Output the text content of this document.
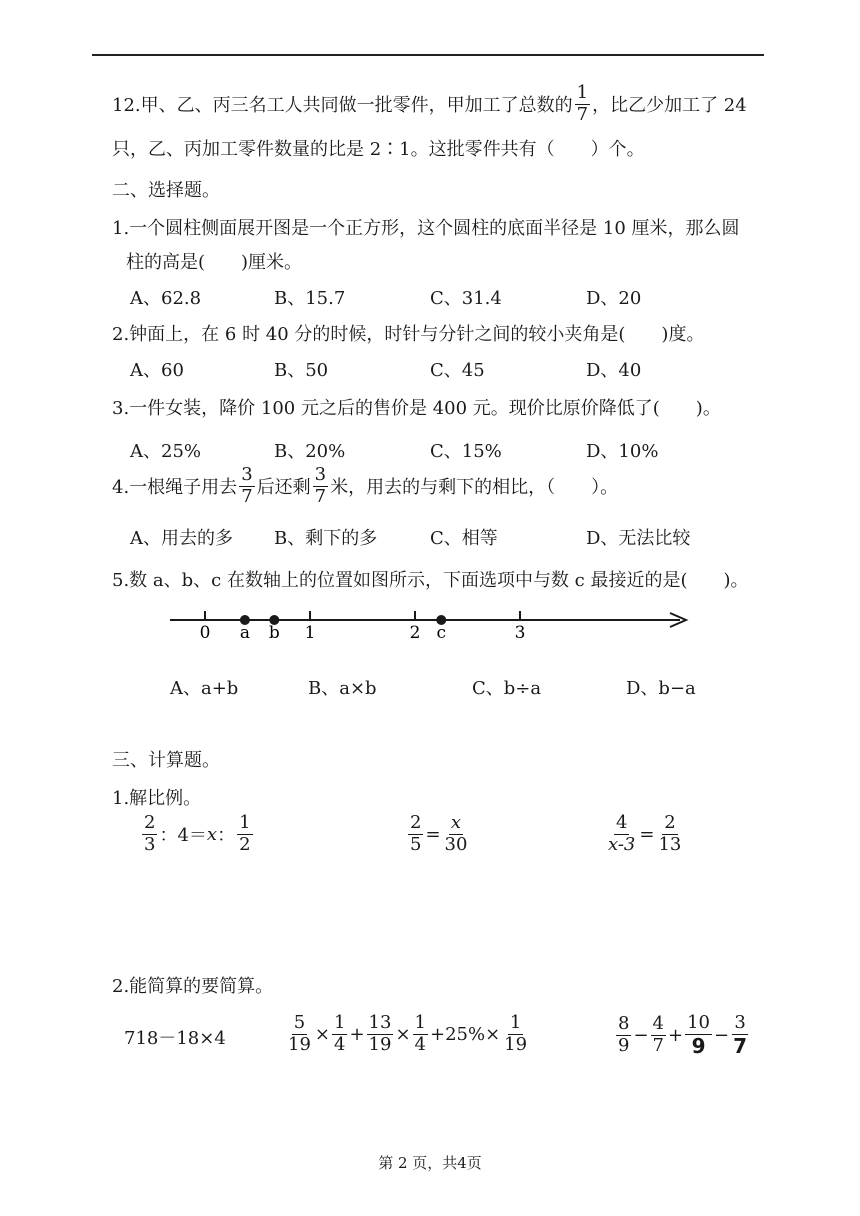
12.甲、乙、丙三名工人共同做一批零件，甲加工了总数的 $\frac{1}{7}$ ，比乙少加工了 24
只，乙、丙加工零件数量的比是 2∶1。这批零件共有（　　）个。
二、选择题。
1.一个圆柱侧面展开图是一个正方形，这个圆柱的底面半径是 10 厘米，那么圆
柱的高是(　　)厘米。
A、62.8	B、15.7	C、31.4	D、20
2.钟面上，在 6 时 40 分的时候，时针与分针之间的较小夹角是(　　)度。
A、60	B、50	C、45	D、40
3.一件女装，降价 100 元之后的售价是 400 元。现价比原价降低了(　　)。
A、25%	B、20%	C、15%	D、10%
4.一根绳子用去 $\frac{3}{7}$ 后还剩 $\frac{3}{7}$ 米，用去的与剩下的相比，（　　）。
A、用去的多 B、剩下的多	C、相等	D、无法比较
5.数 a、b、c 在数轴上的位置如图所示，下面选项中与数 c 最接近的是(　　)。
0	1	2	3
a b	c
A、a+b	B、a×b	C、b÷a	D、b−a
三、计算题。
1.解比例。
$\frac{2}{3}$ ：4＝ x ： $\frac{1}{2}$	$\frac{2}{5} = \frac{x}{30}$	$\frac{4}{x-3} = \frac{2}{13}$
2.能简算的要简算。
718－18×4	$\frac{5}{19} \times \frac{1}{4} + \frac{13}{19} \times \frac{1}{4} +25\%\times \frac{1}{19}$	$\frac{8}{9} - \frac{4}{7} + \frac{10}{9} - \frac{3}{7}$
第 2 页，共4页
